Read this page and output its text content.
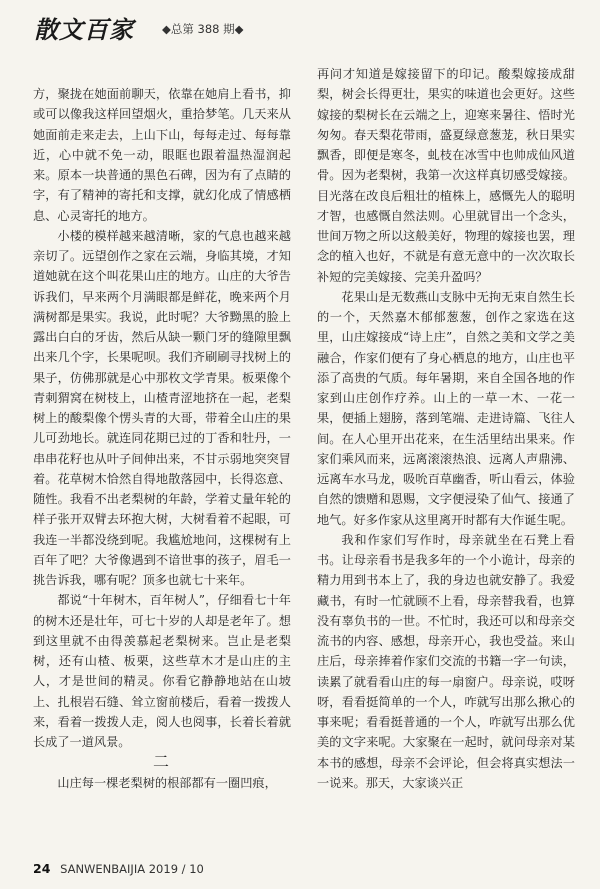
散文百家 ◆总第 388 期◆

方，聚拢在她面前聊天，依靠在她肩上看书，抑或可以像我这样回望烟火，重拾梦笔。几天来从她面前走来走去，上山下山，每每走过、每每靠近，心中就不免一动，眼眶也跟着温热湿润起来。原本一块普通的黑色石碑，因为有了点睛的字，有了精神的寄托和支撑，就幻化成了情感栖息、心灵寄托的地方。

小楼的模样越来越清晰，家的气息也越来越亲切了。远望创作之家在云端，身临其境，才知道她就在这个叫花果山庄的地方。山庄的大爷告诉我们，早来两个月满眼都是鲜花，晚来两个月满树都是果实。我说，此时呢？大爷黝黑的脸上露出白白的牙齿，然后从缺一颗门牙的缝隙里飘出来几个字，长果呢呗。我们齐刷刷寻找树上的果子，仿佛那就是心中那枚文学青果。板栗像个青刺猬窝在树枝上，山楂青涩地挤在一起，老梨树上的酸梨像个愣头青的大哥，带着全山庄的果儿可劲地长。就连同花期已过的丁香和牡丹，一串串花籽也从叶子间伸出来，不甘示弱地突突冒着。花草树木恰然自得地散落园中，长得恣意、随性。我看不出老梨树的年龄，学着丈量年轮的样子张开双臂去环抱大树，大树看着不起眼，可我连一半都没绕到呢。我尴尬地问，这棵树有上百年了吧？大爷像遇到不谙世事的孩子，眉毛一挑告诉我，哪有呢？顶多也就七十来年。

都说“十年树木，百年树人”，仔细看七十年的树木还是壮年，可七十岁的人却是老年了。想到这里就不由得羡慕起老梨树来。岂止是老梨树，还有山楂、板栗，这些草木才是山庄的主人，才是世间的精灵。你看它静静地站在山坡上、扎根岩石缝、耸立窗前楼后，看着一拨拨人来，看着一拨拨人走，阅人也阅事，长着长着就长成了一道风景。

二

山庄每一棵老梨树的根部都有一圈凹痕，

再问才知道是嫁接留下的印记。酸梨嫁接成甜梨，树会长得更壮，果实的味道也会更好。这些嫁接的梨树长在云端之上，迎寒来暑往、悟时光匆匆。春天梨花带雨，盛夏绿意葱茏，秋日果实飘香，即便是寒冬，虬枝在冰雪中也帅成仙风道骨。因为老梨树，我第一次这样真切感受嫁接。目光落在改良后粗壮的植株上，感慨先人的聪明才智，也感慨自然法则。心里就冒出一个念头，世间万物之所以这般美好，物理的嫁接也罢，理念的植入也好，不就是有意无意中的一次次取长补短的完美嫁接、完美升盈吗？

花果山是无数燕山支脉中无拘无束自然生长的一个，天然嘉木郁郁葱葱，创作之家选在这里，山庄嫁接成“诗上庄”，自然之美和文学之美融合，作家们便有了身心栖息的地方，山庄也平添了高贵的气质。每年暑期，来自全国各地的作家到山庄创作疗养。山上的一草一木、一花一果，便插上翅膀，落到笔端、走进诗篇、飞往人间。在人心里开出花来，在生活里结出果来。作家们乘风而来，远离滚滚热浪、远离人声鼎沸、远离车水马龙，吸吮百草幽香，听山看云，体验自然的馈赠和恩赐，文字便浸染了仙气、接通了地气。好多作家从这里离开时都有大作诞生呢。

我和作家们写作时，母亲就坐在石凳上看书。让母亲看书是我多年的一个小诡计，母亲的精力用到书本上了，我的身边也就安静了。我爱藏书，有时一忙就顾不上看，母亲替我看，也算没有辜负书的一世。不忙时，我还可以和母亲交流书的内容、感想，母亲开心，我也受益。来山庄后，母亲捧着作家们交流的书籍一字一句读，读累了就看看山庄的每一扇窗户。母亲说，哎呀呀，看看挺简单的一个人，咋就写出那么揪心的事来呢；看看挺普通的一个人，咋就写出那么优美的文字来呢。大家聚在一起时，就问母亲对某本书的感想，母亲不会评论，但会将真实想法一一说来。那天，大家谈兴正

24 SANWENBAIJIA 2019 / 10
